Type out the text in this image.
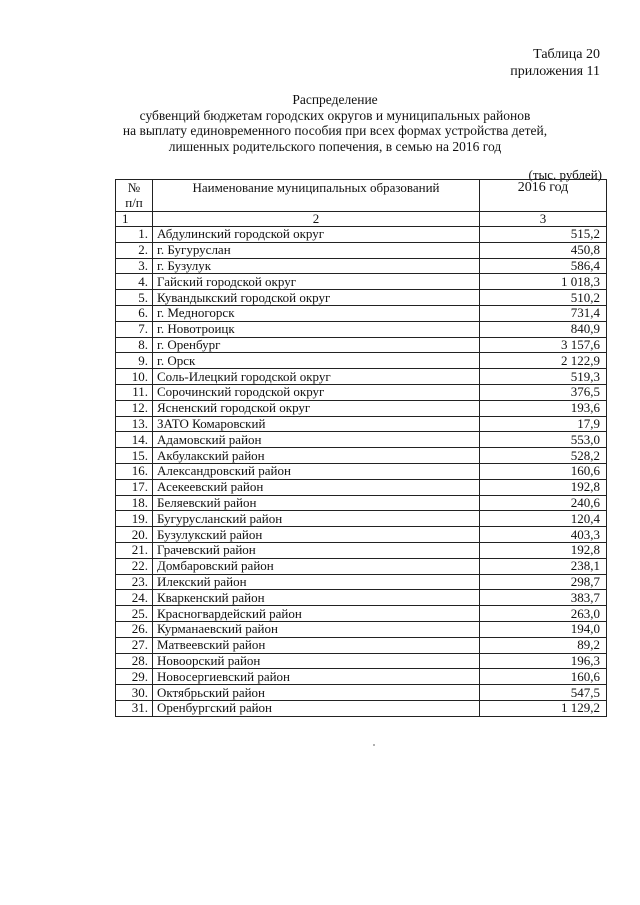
Таблица 20
приложения 11
Распределение
субвенций бюджетам городских округов и муниципальных районов
на выплату единовременного пособия при всех формах устройства детей,
лишенных родительского попечения, в семью на 2016 год
(тыс. рублей)
№
п/п	Наименование муниципальных образований	2016 год
1	2	3
1.	Абдулинский городской округ	515,2
2.	г. Бугуруслан	450,8
3.	г. Бузулук	586,4
4.	Гайский городской округ	1 018,3
5.	Кувандыкский городской округ	510,2
6.	г. Медногорск	731,4
7.	г. Новотроицк	840,9
8.	г. Оренбург	3 157,6
9.	г. Орск	2 122,9
10.	Соль-Илецкий городской округ	519,3
11.	Сорочинский городской округ	376,5
12.	Ясненский городской округ	193,6
13.	ЗАТО Комаровский	17,9
14.	Адамовский район	553,0
15.	Акбулакский район	528,2
16.	Александровский район	160,6
17.	Асекеевский район	192,8
18.	Беляевский район	240,6
19.	Бугурусланский район	120,4
20.	Бузулукский район	403,3
21.	Грачевский район	192,8
22.	Домбаровский район	238,1
23.	Илекский район	298,7
24.	Кваркенский район	383,7
25.	Красногвардейский район	263,0
26.	Курманаевский район	194,0
27.	Матвеевский район	89,2
28.	Новоорский район	196,3
29.	Новосергиевский район	160,6
30.	Октябрьский район	547,5
31.	Оренбургский район	1 129,2
